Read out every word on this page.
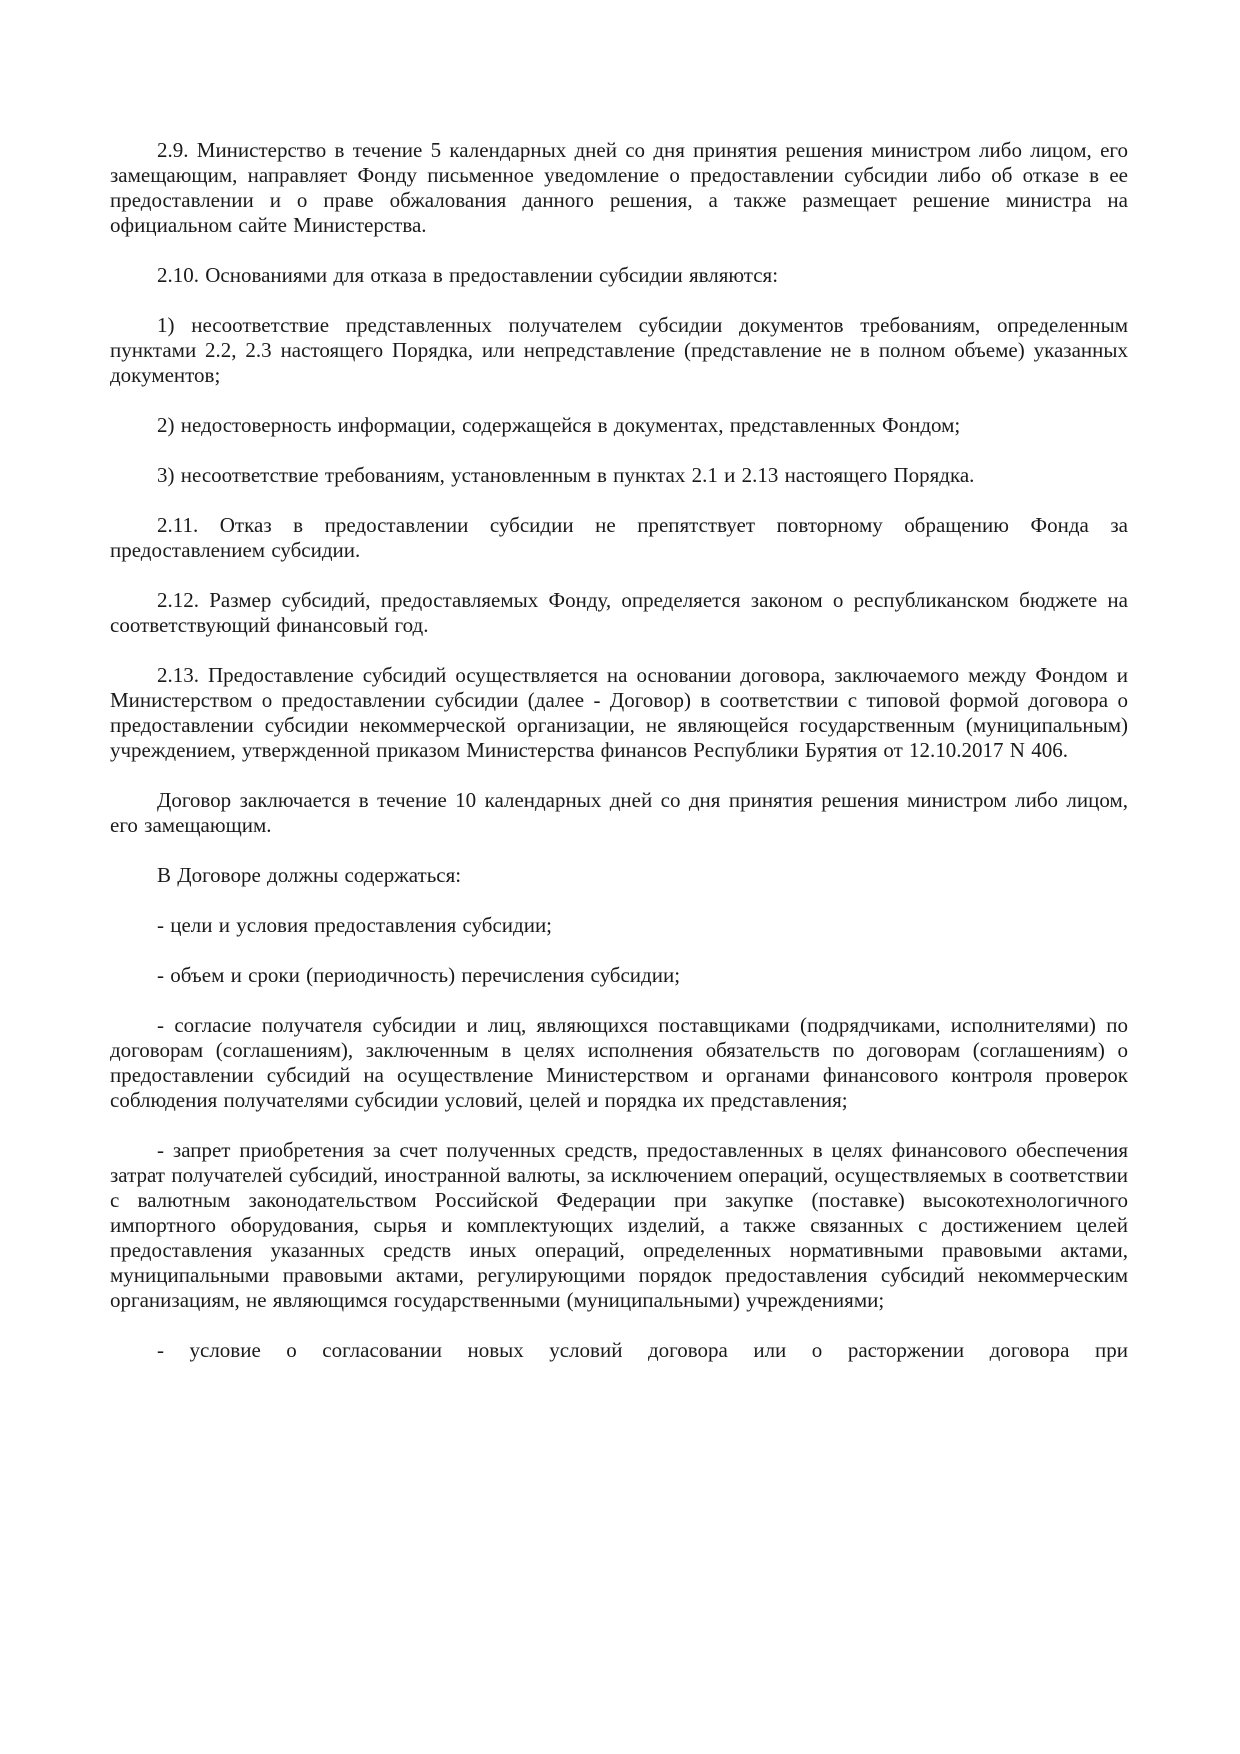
2.9. Министерство в течение 5 календарных дней со дня принятия решения министром либо лицом, его замещающим, направляет Фонду письменное уведомление о предоставлении субсидии либо об отказе в ее предоставлении и о праве обжалования данного решения, а также размещает решение министра на официальном сайте Министерства.

2.10. Основаниями для отказа в предоставлении субсидии являются:

1) несоответствие представленных получателем субсидии документов требованиям, определенным пунктами 2.2, 2.3 настоящего Порядка, или непредставление (представление не в полном объеме) указанных документов;

2) недостоверность информации, содержащейся в документах, представленных Фондом;

3) несоответствие требованиям, установленным в пунктах 2.1 и 2.13 настоящего Порядка.

2.11. Отказ в предоставлении субсидии не препятствует повторному обращению Фонда за предоставлением субсидии.

2.12. Размер субсидий, предоставляемых Фонду, определяется законом о республиканском бюджете на соответствующий финансовый год.

2.13. Предоставление субсидий осуществляется на основании договора, заключаемого между Фондом и Министерством о предоставлении субсидии (далее - Договор) в соответствии с типовой формой договора о предоставлении субсидии некоммерческой организации, не являющейся государственным (муниципальным) учреждением, утвержденной приказом Министерства финансов Республики Бурятия от 12.10.2017 N 406.

Договор заключается в течение 10 календарных дней со дня принятия решения министром либо лицом, его замещающим.

В Договоре должны содержаться:

- цели и условия предоставления субсидии;

- объем и сроки (периодичность) перечисления субсидии;

- согласие получателя субсидии и лиц, являющихся поставщиками (подрядчиками, исполнителями) по договорам (соглашениям), заключенным в целях исполнения обязательств по договорам (соглашениям) о предоставлении субсидий на осуществление Министерством и органами финансового контроля проверок соблюдения получателями субсидии условий, целей и порядка их представления;

- запрет приобретения за счет полученных средств, предоставленных в целях финансового обеспечения затрат получателей субсидий, иностранной валюты, за исключением операций, осуществляемых в соответствии с валютным законодательством Российской Федерации при закупке (поставке) высокотехнологичного импортного оборудования, сырья и комплектующих изделий, а также связанных с достижением целей предоставления указанных средств иных операций, определенных нормативными правовыми актами, муниципальными правовыми актами, регулирующими порядок предоставления субсидий некоммерческим организациям, не являющимся государственными (муниципальными) учреждениями;

- условие о согласовании новых условий договора или о расторжении договора при
